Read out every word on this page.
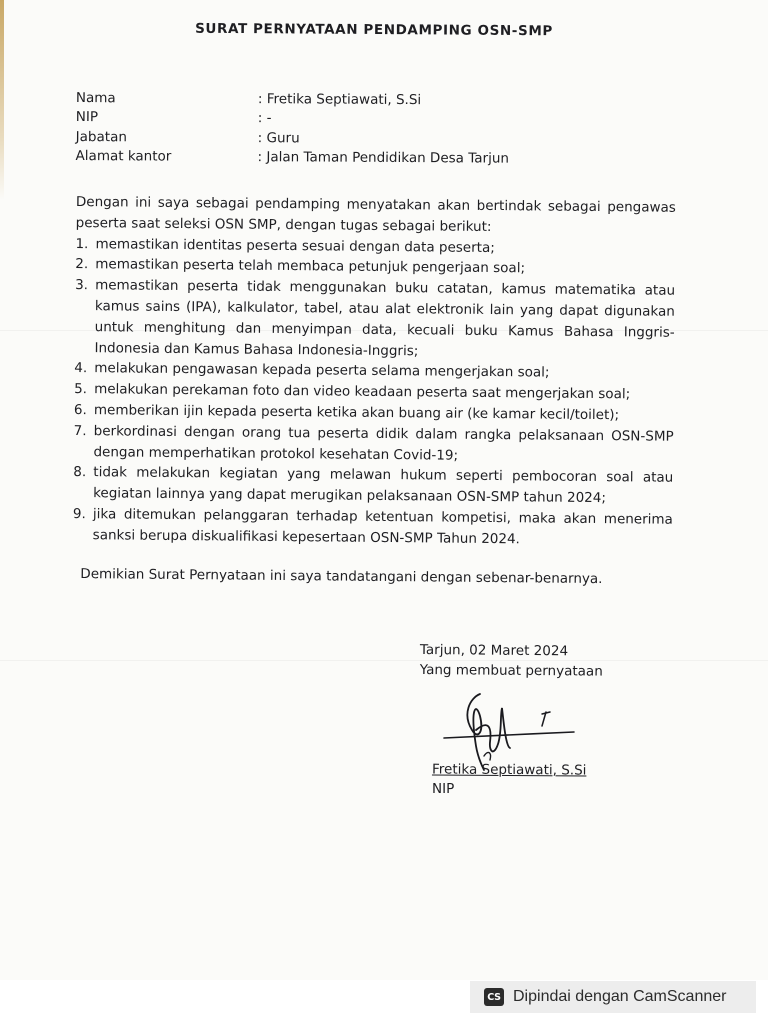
SURAT PERNYATAAN PENDAMPING OSN-SMP
Nama	: Fretika Septiawati, S.Si
NIP	: -
Jabatan	: Guru
Alamat kantor	: Jalan Taman Pendidikan Desa Tarjun

Dengan ini saya sebagai pendamping menyatakan akan bertindak sebagai pengawas peserta saat seleksi OSN SMP, dengan tugas sebagai berikut:

1. memastikan identitas peserta sesuai dengan data peserta;
2. memastikan peserta telah membaca petunjuk pengerjaan soal;
3. memastikan peserta tidak menggunakan buku catatan, kamus matematika atau kamus sains (IPA), kalkulator, tabel, atau alat elektronik lain yang dapat digunakan untuk menghitung dan menyimpan data, kecuali buku Kamus Bahasa Inggris-Indonesia dan Kamus Bahasa Indonesia-Inggris;
4. melakukan pengawasan kepada peserta selama mengerjakan soal;
5. melakukan perekaman foto dan video keadaan peserta saat mengerjakan soal;
6. memberikan ijin kepada peserta ketika akan buang air (ke kamar kecil/toilet);
7. berkordinasi dengan orang tua peserta didik dalam rangka pelaksanaan OSN-SMP dengan memperhatikan protokol kesehatan Covid-19;
8. tidak melakukan kegiatan yang melawan hukum seperti pembocoran soal atau kegiatan lainnya yang dapat merugikan pelaksanaan OSN-SMP tahun 2024;
9. jika ditemukan pelanggaran terhadap ketentuan kompetisi, maka akan menerima sanksi berupa diskualifikasi kepesertaan OSN-SMP Tahun 2024.

Demikian Surat Pernyataan ini saya tandatangani dengan sebenar-benarnya.

Tarjun, 02 Maret 2024
Yang membuat pernyataan
Fretika Septiawati, S.Si
NIP
CS Dipindai dengan CamScanner
